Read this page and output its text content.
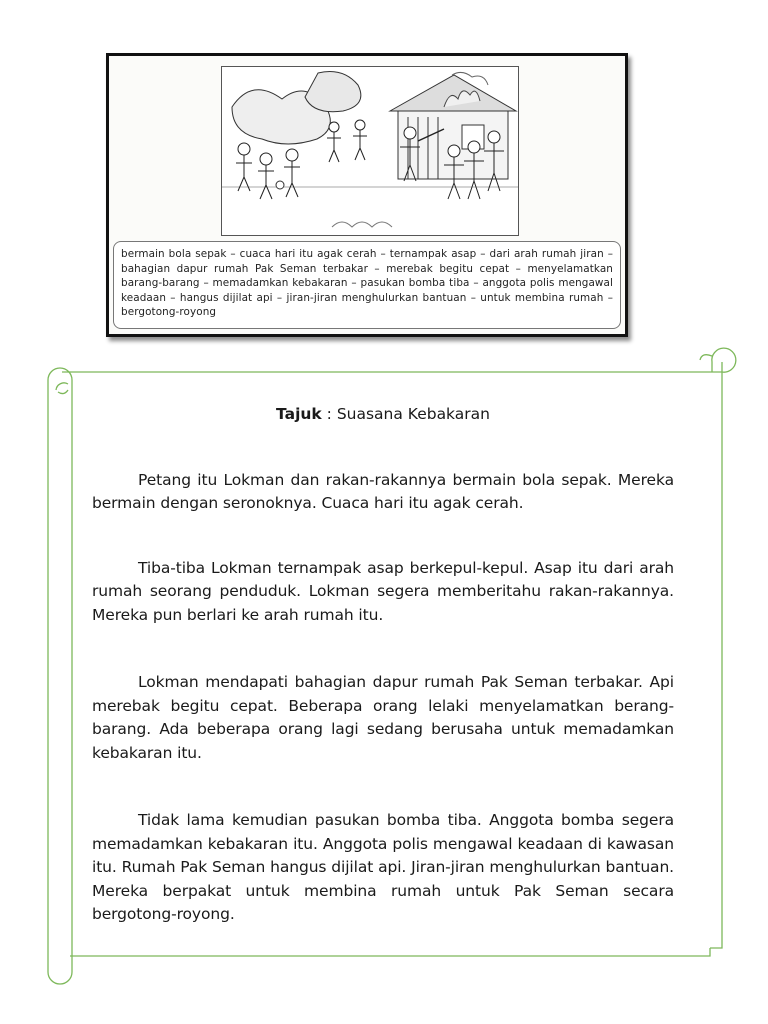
bermain bola sepak – cuaca hari itu agak cerah – ternampak asap – dari arah rumah jiran – bahagian dapur rumah Pak Seman terbakar – merebak begitu cepat – menyelamatkan barang-barang – memadamkan kebakaran – pasukan bomba tiba – anggota polis mengawal keadaan – hangus dijilat api – jiran-jiran menghulurkan bantuan – untuk membina rumah – bergotong-royong

Tajuk : Suasana Kebakaran

Petang itu Lokman dan rakan-rakannya bermain bola sepak. Mereka bermain dengan seronoknya. Cuaca hari itu agak cerah.

Tiba-tiba Lokman ternampak asap berkepul-kepul. Asap itu dari arah rumah seorang penduduk. Lokman segera memberitahu rakan-rakannya. Mereka pun berlari ke arah rumah itu.

Lokman mendapati bahagian dapur rumah Pak Seman terbakar. Api merebak begitu cepat. Beberapa orang lelaki menyelamatkan berang-barang. Ada beberapa orang lagi sedang berusaha untuk memadamkan kebakaran itu.

Tidak lama kemudian pasukan bomba tiba. Anggota bomba segera memadamkan kebakaran itu. Anggota polis mengawal keadaan di kawasan itu. Rumah Pak Seman hangus dijilat api. Jiran-jiran menghulurkan bantuan. Mereka berpakat untuk membina rumah untuk Pak Seman secara bergotong-royong.
